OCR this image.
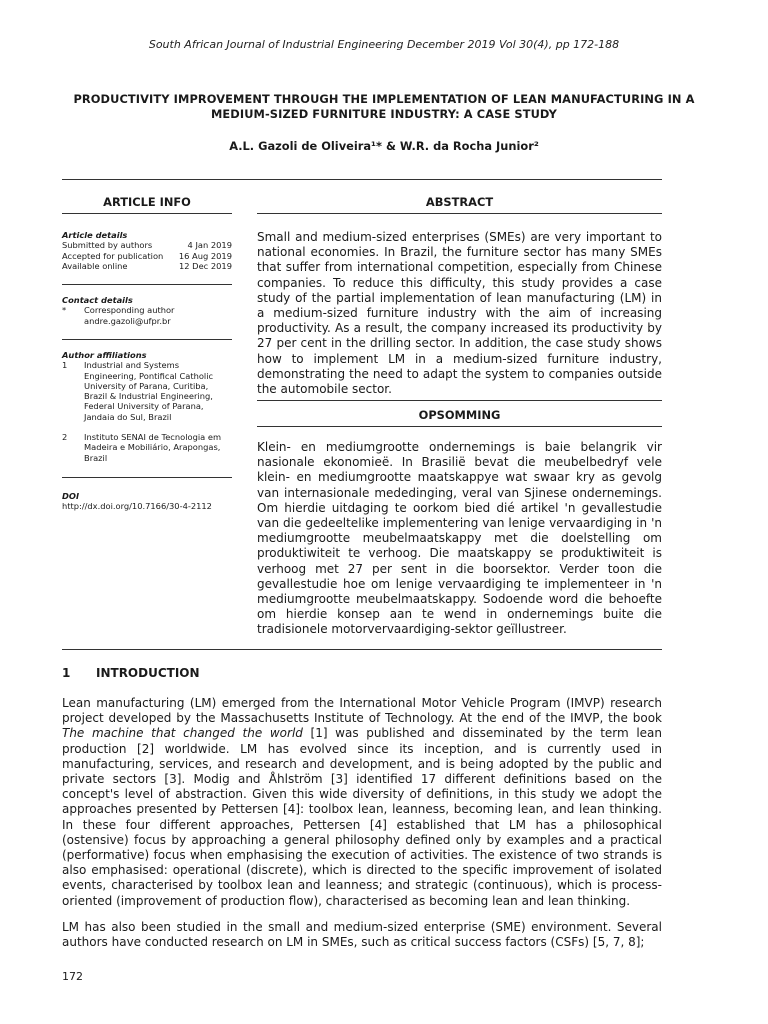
South African Journal of Industrial Engineering December 2019 Vol 30(4), pp 172-188
PRODUCTIVITY IMPROVEMENT THROUGH THE IMPLEMENTATION OF LEAN MANUFACTURING IN A MEDIUM-SIZED FURNITURE INDUSTRY: A CASE STUDY
A.L. Gazoli de Oliveira¹* & W.R. da Rocha Junior²
ARTICLE INFO	ABSTRACT
Article details
Submitted by authors	4 Jan 2019
Accepted for publication 16 Aug 2019
Available online	12 Dec 2019
Contact details
*	Corresponding author
andre.gazoli@ufpr.br
Author affiliations
1	Industrial and Systems Engineering, Pontifical Catholic University of Parana, Curitiba, Brazil & Industrial Engineering, Federal University of Parana, Jandaia do Sul, Brazil
2	Instituto SENAI de Tecnologia em Madeira e Mobiliário, Arapongas, Brazil
DOI
http://dx.doi.org/10.7166/30-4-2112
Small and medium-sized enterprises (SMEs) are very important to national economies. In Brazil, the furniture sector has many SMEs that suffer from international competition, especially from Chinese companies. To reduce this difficulty, this study provides a case study of the partial implementation of lean manufacturing (LM) in a medium-sized furniture industry with the aim of increasing productivity. As a result, the company increased its productivity by 27 per cent in the drilling sector. In addition, the case study shows how to implement LM in a medium-sized furniture industry, demonstrating the need to adapt the system to companies outside the automobile sector.
OPSOMMING
Klein- en mediumgrootte ondernemings is baie belangrik vir nasionale ekonomieë. In Brasilië bevat die meubelbedryf vele klein- en mediumgrootte maatskappye wat swaar kry as gevolg van internasionale mededinging, veral van Sjinese ondernemings. Om hierdie uitdaging te oorkom bied dié artikel 'n gevallestudie van die gedeeltelike implementering van lenige vervaardiging in 'n mediumgrootte meubelmaatskappy met die doelstelling om produktiwiteit te verhoog. Die maatskappy se produktiwiteit is verhoog met 27 per sent in die boorsektor. Verder toon die gevallestudie hoe om lenige vervaardiging te implementeer in 'n mediumgrootte meubelmaatskappy. Sodoende word die behoefte om hierdie konsep aan te wend in ondernemings buite die tradisionele motorvervaardiging-sektor geïllustreer.
1 INTRODUCTION
Lean manufacturing (LM) emerged from the International Motor Vehicle Program (IMVP) research project developed by the Massachusetts Institute of Technology. At the end of the IMVP, the book The machine that changed the world [1] was published and disseminated by the term lean production [2] worldwide. LM has evolved since its inception, and is currently used in manufacturing, services, and research and development, and is being adopted by the public and private sectors [3]. Modig and Åhlström [3] identified 17 different definitions based on the concept's level of abstraction. Given this wide diversity of definitions, in this study we adopt the approaches presented by Pettersen [4]: toolbox lean, leanness, becoming lean, and lean thinking. In these four different approaches, Pettersen [4] established that LM has a philosophical (ostensive) focus by approaching a general philosophy defined only by examples and a practical (performative) focus when emphasising the execution of activities. The existence of two strands is also emphasised: operational (discrete), which is directed to the specific improvement of isolated events, characterised by toolbox lean and leanness; and strategic (continuous), which is process-oriented (improvement of production flow), characterised as becoming lean and lean thinking.
LM has also been studied in the small and medium-sized enterprise (SME) environment. Several authors have conducted research on LM in SMEs, such as critical success factors (CSFs) [5, 7, 8];
172
